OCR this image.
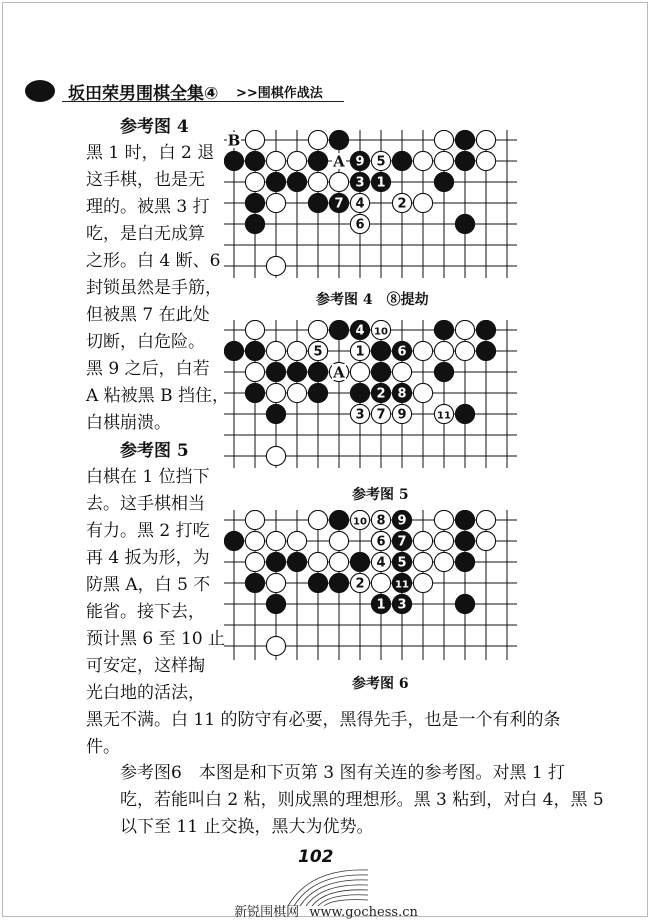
坂田荣男围棋全集④ >>围棋作战法
参考图 4
黑 1 时，白 2 退
这手棋，也是无
理的。被黑 3 打
吃，是白无成算
之形。白 4 断、6
封锁虽然是手筋，
但被黑 7 在此处
切断，白危险。
黑 9 之后，白若
A 粘被黑 B 挡住，
白棋崩溃。
参考图 5
白棋在 1 位挡下
去。这手棋相当
有力。黑 2 打吃
再 4 扳为形，为
防黑 A，白 5 不
能省。接下去，
预计黑 6 至 10 止
可安定，这样掏
光白地的活法，
黑无不满。白 11 的防守有必要，黑得先手，也是一个有利的条
件。
参考图6　本图是和下页第 3 图有关连的参考图。对黑 1 打
吃，若能叫白 2 粘，则成黑的理想形。黑 3 粘到，对白 4，黑 5
以下至 11 止交换，黑大为优势。
1
2
3
4
5
6
7
9
A
B
参考图 4　⑧提劫
1
2
3
4
5	6
7
8
9
10
11
A
参考图 5
1
2
3
4 5
6 7
8 9
10
11
参考图 6
102
新锐围棋网 www.gochess.cn
